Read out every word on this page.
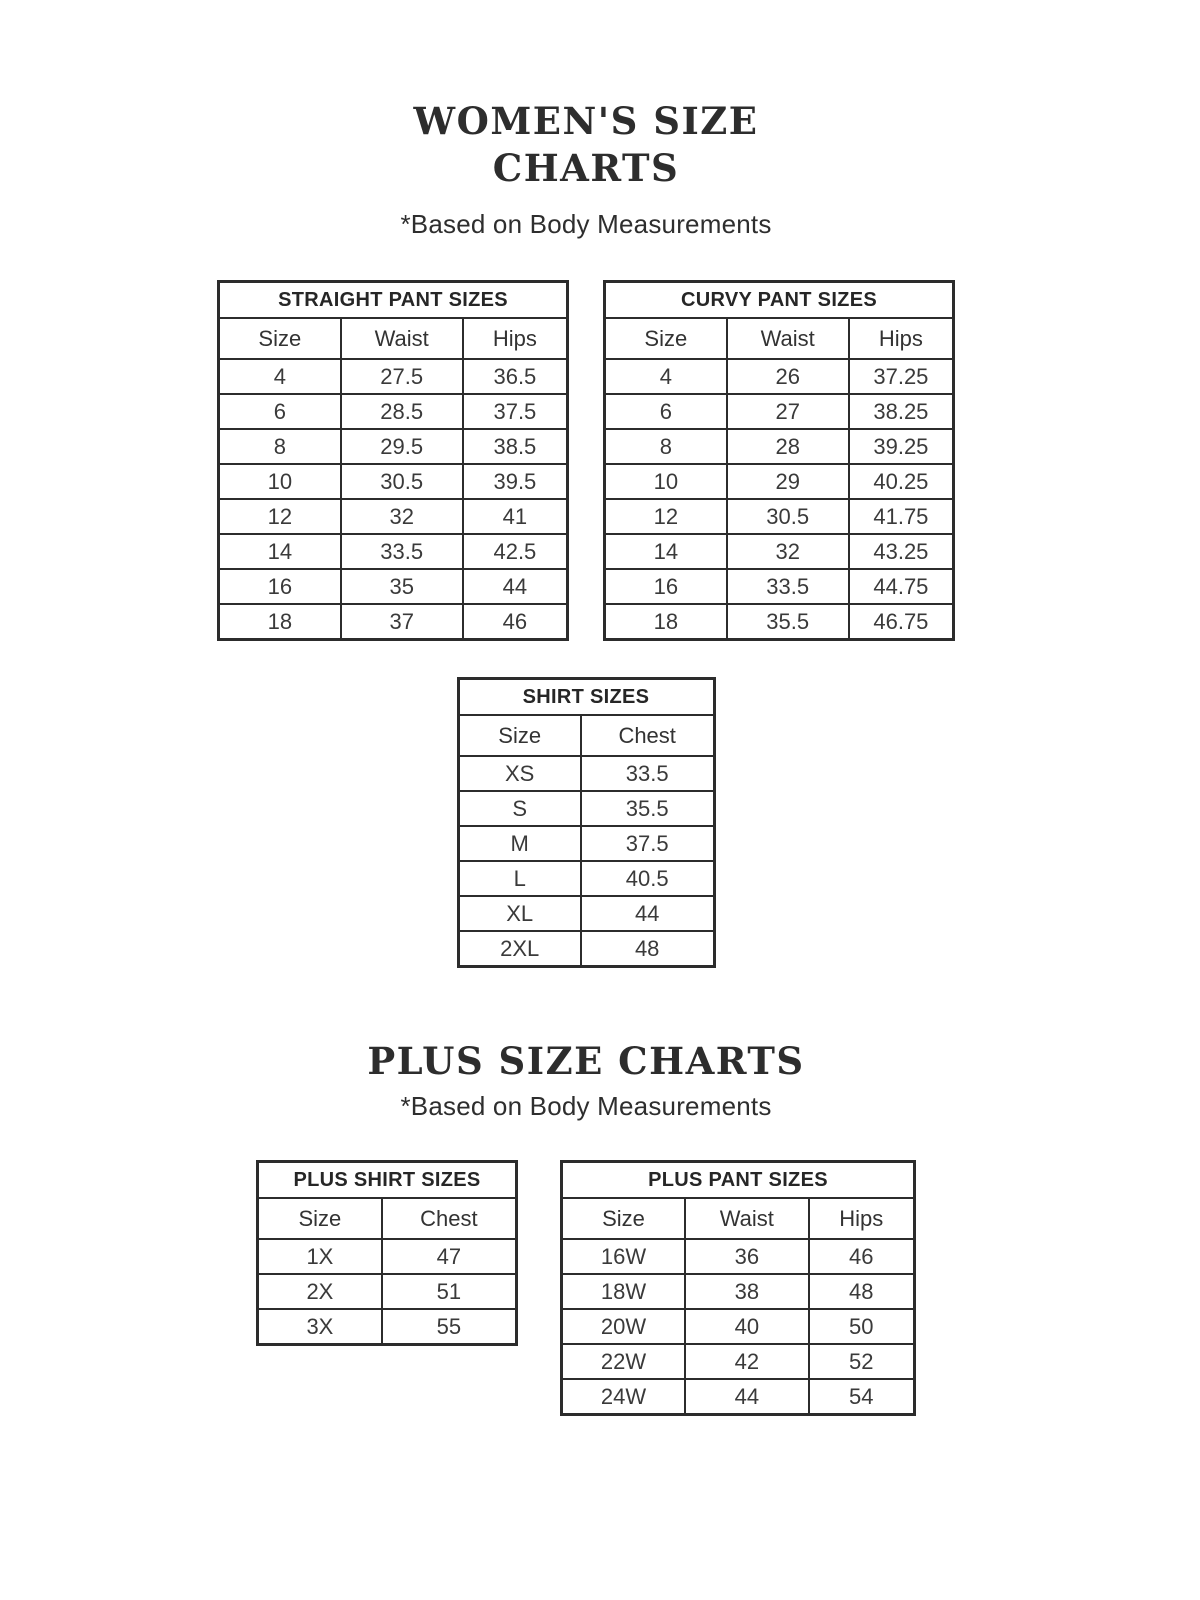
WOMEN'S SIZE
CHARTS
*Based on Body Measurements
STRAIGHT PANT SIZES		
Size	Waist	Hips
4	27.5	36.5
6	28.5	37.5
8	29.5	38.5
10	30.5	39.5
12	32	41
14	33.5	42.5
16	35	44
18	37	46
CURVY PANT SIZES		
Size	Waist	Hips
4	26	37.25
6	27	38.25
8	28	39.25
10	29	40.25
12	30.5	41.75
14	32	43.25
16	33.5	44.75
18	35.5	46.75
SHIRT SIZES	
Size	Chest
XS	33.5
S	35.5
M	37.5
L	40.5
XL	44
2XL	48
PLUS SIZE CHARTS
*Based on Body Measurements
PLUS SHIRT SIZES	
Size	Chest
1X	47
2X	51
3X	55
PLUS PANT SIZES		
Size	Waist	Hips
16W	36	46
18W	38	48
20W	40	50
22W	42	52
24W	44	54
